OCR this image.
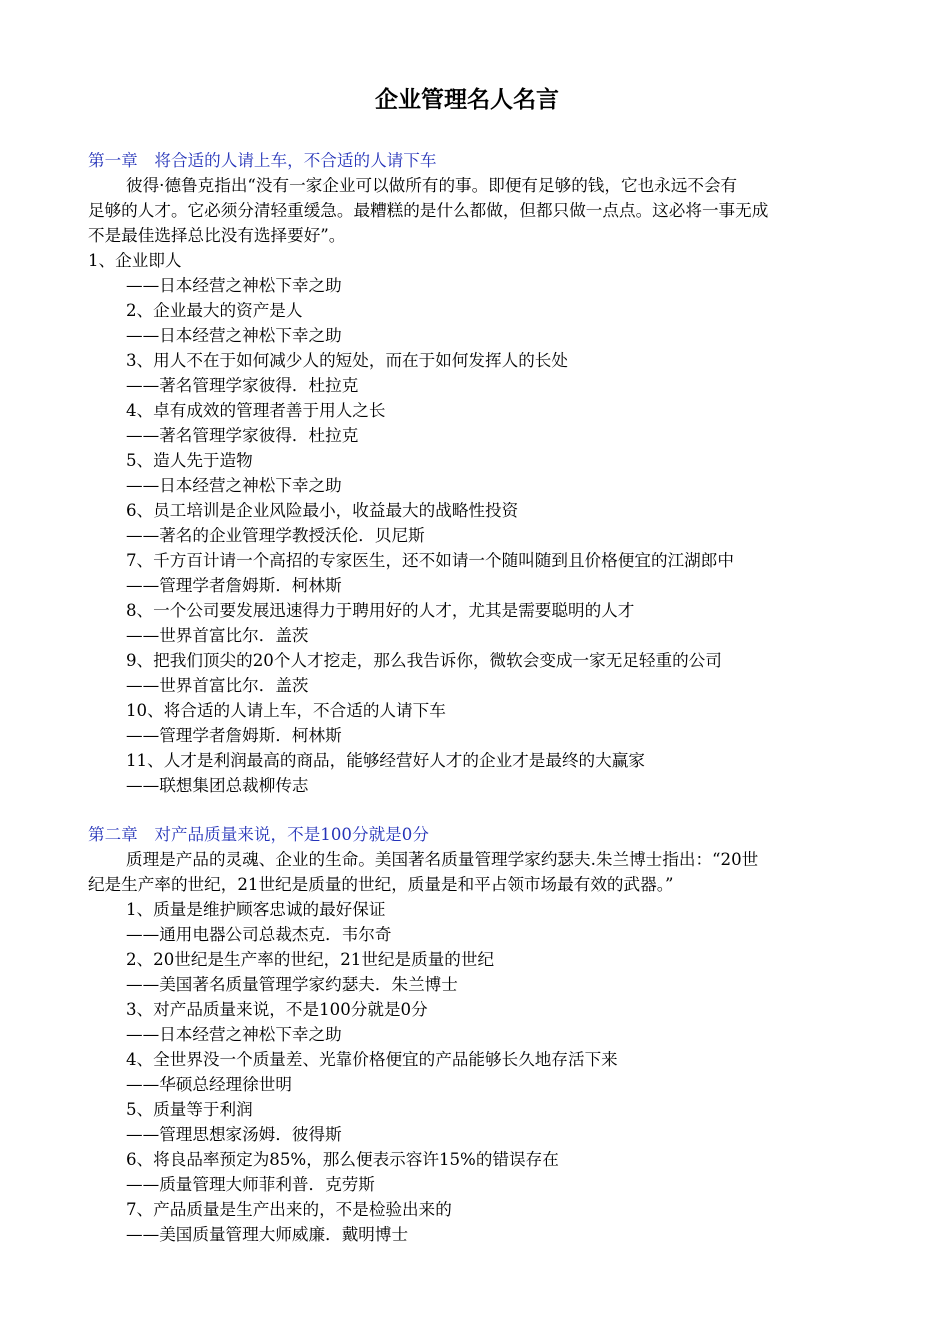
企业管理名人名言

第一章　将合适的人请上车，不合适的人请下车

彼得·德鲁克指出“没有一家企业可以做所有的事。即便有足够的钱，它也永远不会有

足够的人才。它必须分清轻重缓急。最糟糕的是什么都做，但都只做一点点。这必将一事无成

不是最佳选择总比没有选择要好”。

1、企业即人

——日本经营之神松下幸之助

2、企业最大的资产是人

——日本经营之神松下幸之助

3、用人不在于如何减少人的短处，而在于如何发挥人的长处

——著名管理学家彼得．杜拉克

4、卓有成效的管理者善于用人之长

——著名管理学家彼得．杜拉克

5、造人先于造物

——日本经营之神松下幸之助

6、员工培训是企业风险最小，收益最大的战略性投资

——著名的企业管理学教授沃伦．贝尼斯

7、千方百计请一个高招的专家医生，还不如请一个随叫随到且价格便宜的江湖郎中

——管理学者詹姆斯．柯林斯

8、一个公司要发展迅速得力于聘用好的人才，尤其是需要聪明的人才

——世界首富比尔．盖茨

9、把我们顶尖的20个人才挖走，那么我告诉你，微软会变成一家无足轻重的公司

——世界首富比尔．盖茨

10、将合适的人请上车，不合适的人请下车

——管理学者詹姆斯．柯林斯

11、人才是利润最高的商品，能够经营好人才的企业才是最终的大赢家

——联想集团总裁柳传志

第二章　对产品质量来说，不是100分就是0分

质理是产品的灵魂、企业的生命。美国著名质量管理学家约瑟夫.朱兰博士指出：“20世

纪是生产率的世纪，21世纪是质量的世纪，质量是和平占领市场最有效的武器。”

1、质量是维护顾客忠诚的最好保证

——通用电器公司总裁杰克．韦尔奇

2、20世纪是生产率的世纪，21世纪是质量的世纪

——美国著名质量管理学家约瑟夫．朱兰博士

3、对产品质量来说，不是100分就是0分

——日本经营之神松下幸之助

4、全世界没一个质量差、光靠价格便宜的产品能够长久地存活下来

——华硕总经理徐世明

5、质量等于利润

——管理思想家汤姆．彼得斯

6、将良品率预定为85%，那么便表示容许15%的错误存在

——质量管理大师菲利普．克劳斯

7、产品质量是生产出来的，不是检验出来的

——美国质量管理大师威廉．戴明博士
